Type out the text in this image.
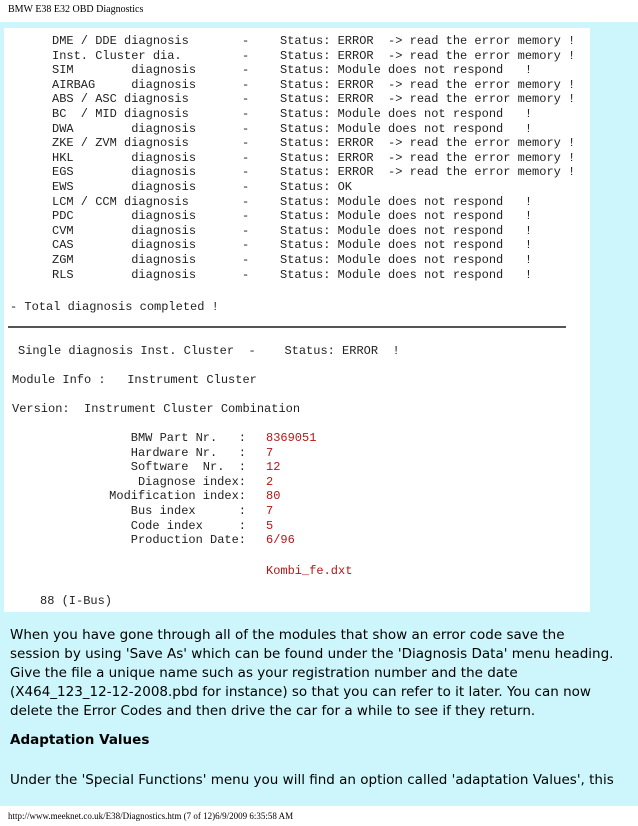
BMW E38 E32 OBD Diagnostics
DME / DDE diagnosis	-	Status: ERROR  -> read the error memory !
Inst. Cluster dia.	-	Status: ERROR  -> read the error memory !
SIM        diagnosis	-	Status: Module does not respond   !
AIRBAG     diagnosis	-	Status: ERROR  -> read the error memory !
ABS / ASC diagnosis	-	Status: ERROR  -> read the error memory !
BC  / MID diagnosis	-	Status: Module does not respond   !
DWA        diagnosis	-	Status: Module does not respond   !
ZKE / ZVM diagnosis	-	Status: ERROR  -> read the error memory !
HKL        diagnosis	-	Status: ERROR  -> read the error memory !
EGS        diagnosis	-	Status: ERROR  -> read the error memory !
EWS        diagnosis	-	Status: OK
LCM / CCM diagnosis	-	Status: Module does not respond   !
PDC        diagnosis	-	Status: Module does not respond   !
CVM        diagnosis	-	Status: Module does not respond   !
CAS        diagnosis	-	Status: Module does not respond   !
ZGM        diagnosis	-	Status: Module does not respond   !
RLS        diagnosis	-	Status: Module does not respond   !
- Total diagnosis completed !
Single diagnosis Inst. Cluster  -    Status: ERROR  !
Module Info :   Instrument Cluster
Version:  Instrument Cluster Combination
BMW Part Nr.   : 8369051
Hardware Nr.   : 7
Software  Nr.  : 12
Diagnose index: 2
Modification index: 80
Bus index      : 7
Code index     : 5
Production Date: 6/96
Kombi_fe.dxt
88 (I-Bus)
When you have gone through all of the modules that show an error code save the
session by using 'Save As' which can be found under the 'Diagnosis Data' menu heading.
Give the file a unique name such as your registration number and the date
(X464_123_12-12-2008.pbd for instance) so that you can refer to it later. You can now
delete the Error Codes and then drive the car for a while to see if they return.
Adaptation Values
Under the 'Special Functions' menu you will find an option called 'adaptation Values', this
http://www.meeknet.co.uk/E38/Diagnostics.htm (7 of 12)6/9/2009 6:35:58 AM
